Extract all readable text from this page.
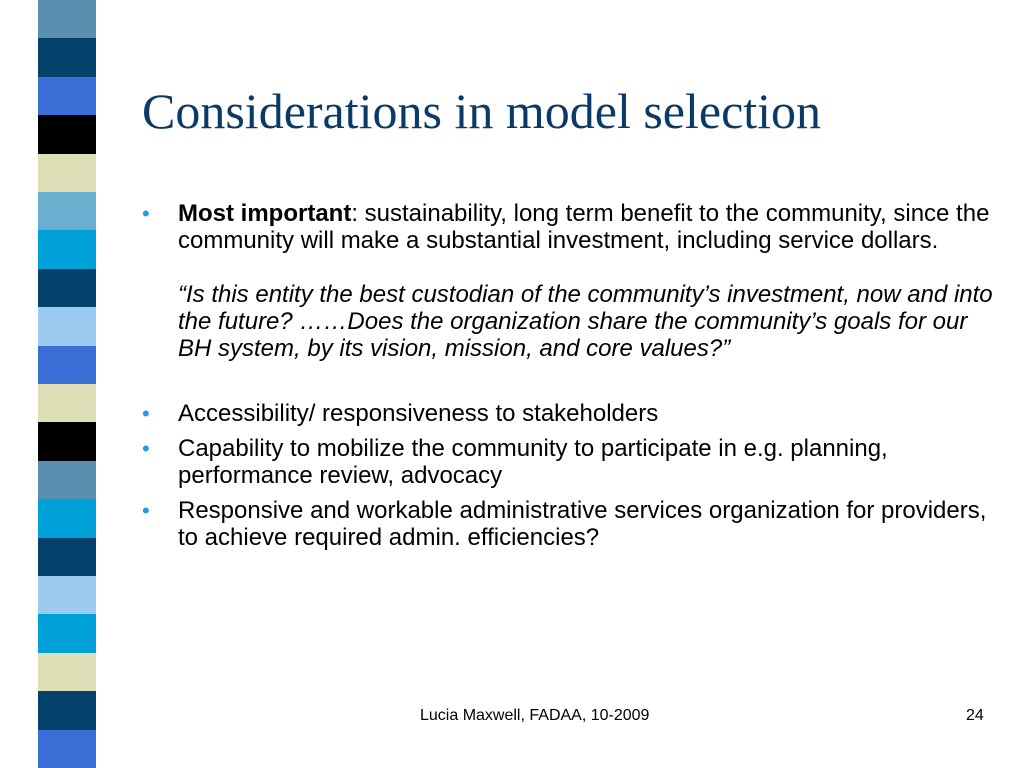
Considerations in model selection
• Most important: sustainability, long term benefit to the community, since the community will make a substantial investment, including service dollars.
“Is this entity the best custodian of the community’s investment, now and into the future? ……Does the organization share the community’s goals for our BH system, by its vision, mission, and core values?”
• Accessibility/ responsiveness to stakeholders
• Capability to mobilize the community to participate in e.g. planning, performance review, advocacy
• Responsive and workable administrative services organization for providers, to achieve required admin. efficiencies?
Lucia Maxwell, FADAA, 10-2009	24
